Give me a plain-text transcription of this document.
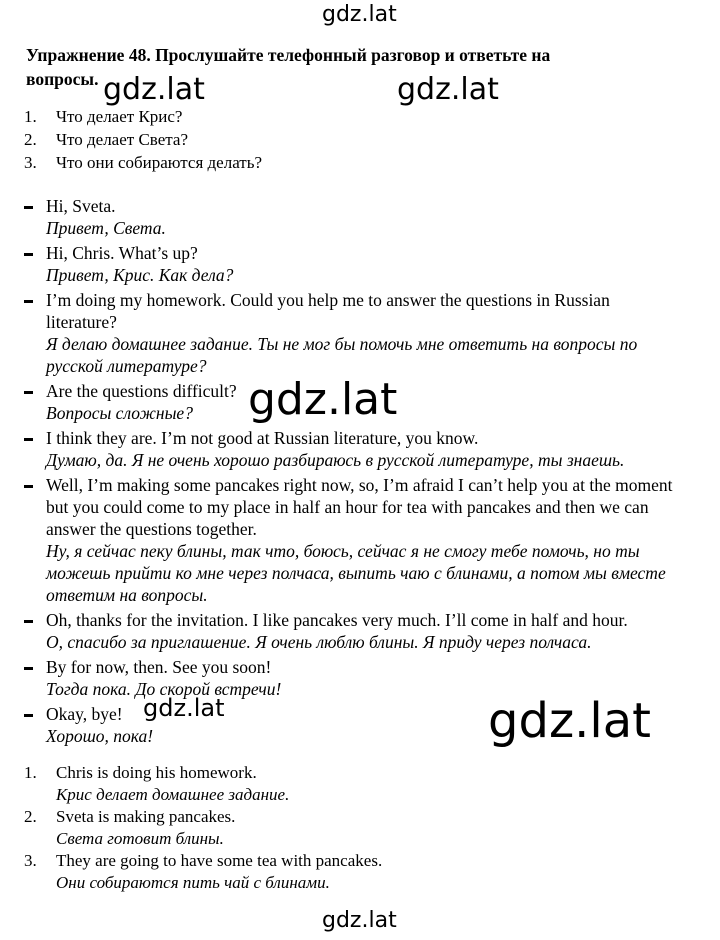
gdz.lat
Упражнение 48. Прослушайте телефонный разговор и ответьте на вопросы. gdz.lat	gdz.lat
1.	Что делает Крис?
2.	Что делает Света?
3.	Что они собираются делать?
Hi, Sveta.
Привет, Света.
Hi, Chris. What’s up?
Привет, Крис. Как дела?
I’m doing my homework. Could you help me to answer the questions in Russian literature?
Я делаю домашнее задание. Ты не мог бы помочь мне ответить на вопросы по русской литературе?
Are the questions difficult?
Вопросы сложные?
I think they are. I’m not good at Russian literature, you know.
Думаю, да. Я не очень хорошо разбираюсь в русской литературе, ты знаешь.
Well, I’m making some pancakes right now, so, I’m afraid I can’t help you at the moment but you could come to my place in half an hour for tea with pancakes and then we can answer the questions together.
Ну, я сейчас пеку блины, так что, боюсь, сейчас я не смогу тебе помочь, но ты можешь прийти ко мне через полчаса, выпить чаю с блинами, а потом мы вместе ответим на вопросы.
Oh, thanks for the invitation. I like pancakes very much. I’ll come in half and hour.
О, спасибо за приглашение. Я очень люблю блины. Я приду через полчаса.
By for now, then. See you soon!
Тогда пока. До скорой встречи!
Okay, bye!
Хорошо, пока!
gdz.lat
gdz.lat	gdz.lat
1.	Chris is doing his homework.
Крис делает домашнее задание.
2.	Sveta is making pancakes.
Света готовит блины.
3.	They are going to have some tea with pancakes.
Они собираются пить чай с блинами.
gdz.lat
